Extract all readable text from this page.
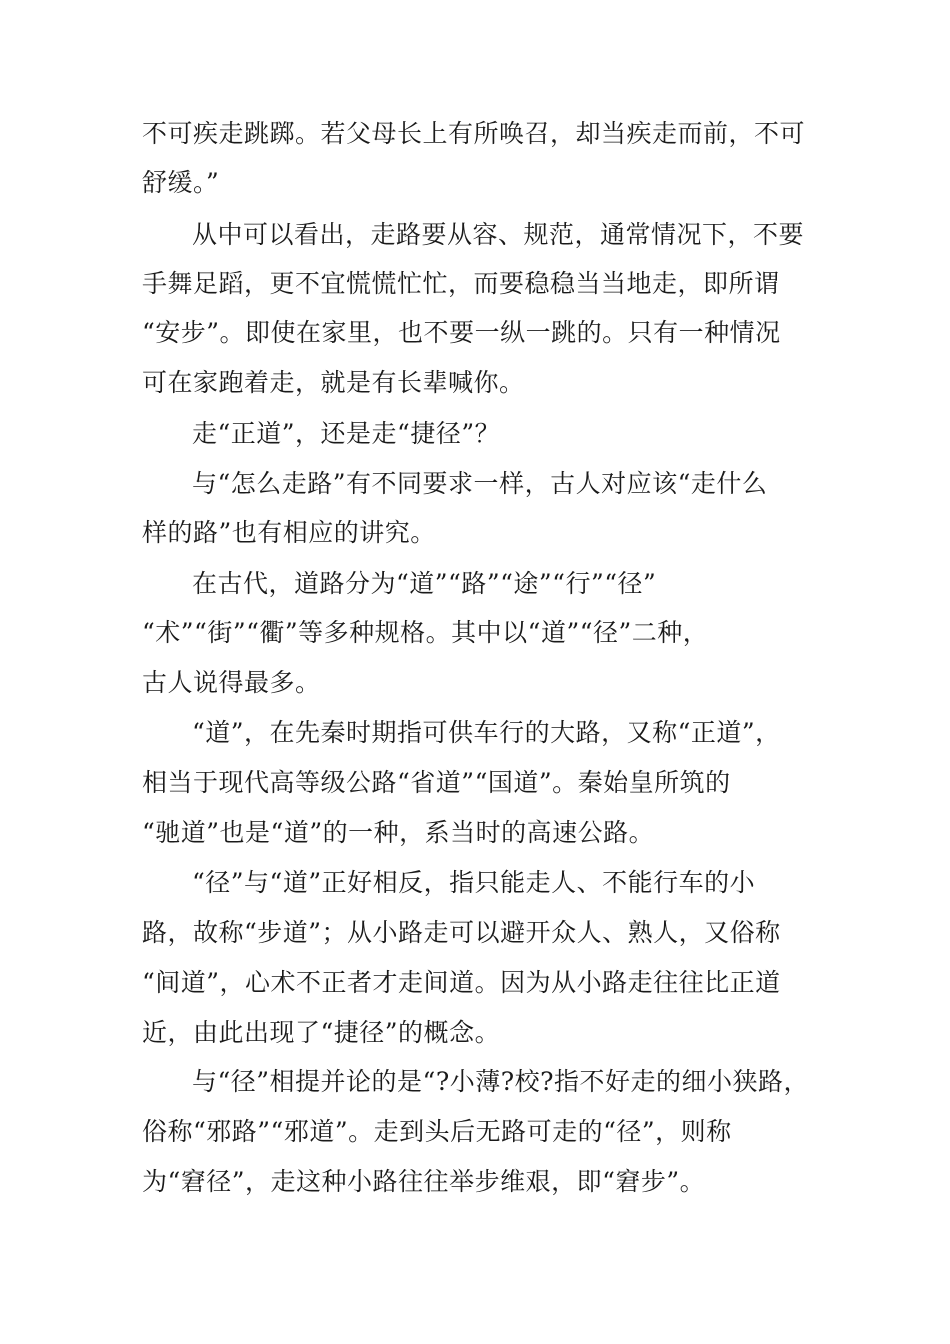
不可疾走跳踯。若父母长上有所唤召，却当疾走而前，不可
舒缓。”
从中可以看出，走路要从容、规范，通常情况下，不要
手舞足蹈，更不宜慌慌忙忙，而要稳稳当当地走，即所谓
“安步”。即使在家里，也不要一纵一跳的。只有一种情况
可在家跑着走，就是有长辈喊你。
走“正道”，还是走“捷径”？
与“怎么走路”有不同要求一样，古人对应该“走什么
样的路”也有相应的讲究。
在古代，道路分为“道”“路”“途”“行”“径”
“术”“街”“衢”等多种规格。其中以“道”“径”二种，
古人说得最多。
“道”，在先秦时期指可供车行的大路，又称“正道”，
相当于现代高等级公路“省道”“国道”。秦始皇所筑的
“驰道”也是“道”的一种，系当时的高速公路。
“径”与“道”正好相反，指只能走人、不能行车的小
路，故称“步道”；从小路走可以避开众人、熟人，又俗称
“间道”，心术不正者才走间道。因为从小路走往往比正道
近，由此出现了“捷径”的概念。
与“径”相提并论的是“?小薄?校?指不好走的细小狭路，
俗称“邪路”“邪道”。走到头后无路可走的“径”，则称
为“窘径”，走这种小路往往举步维艰，即“窘步”。
